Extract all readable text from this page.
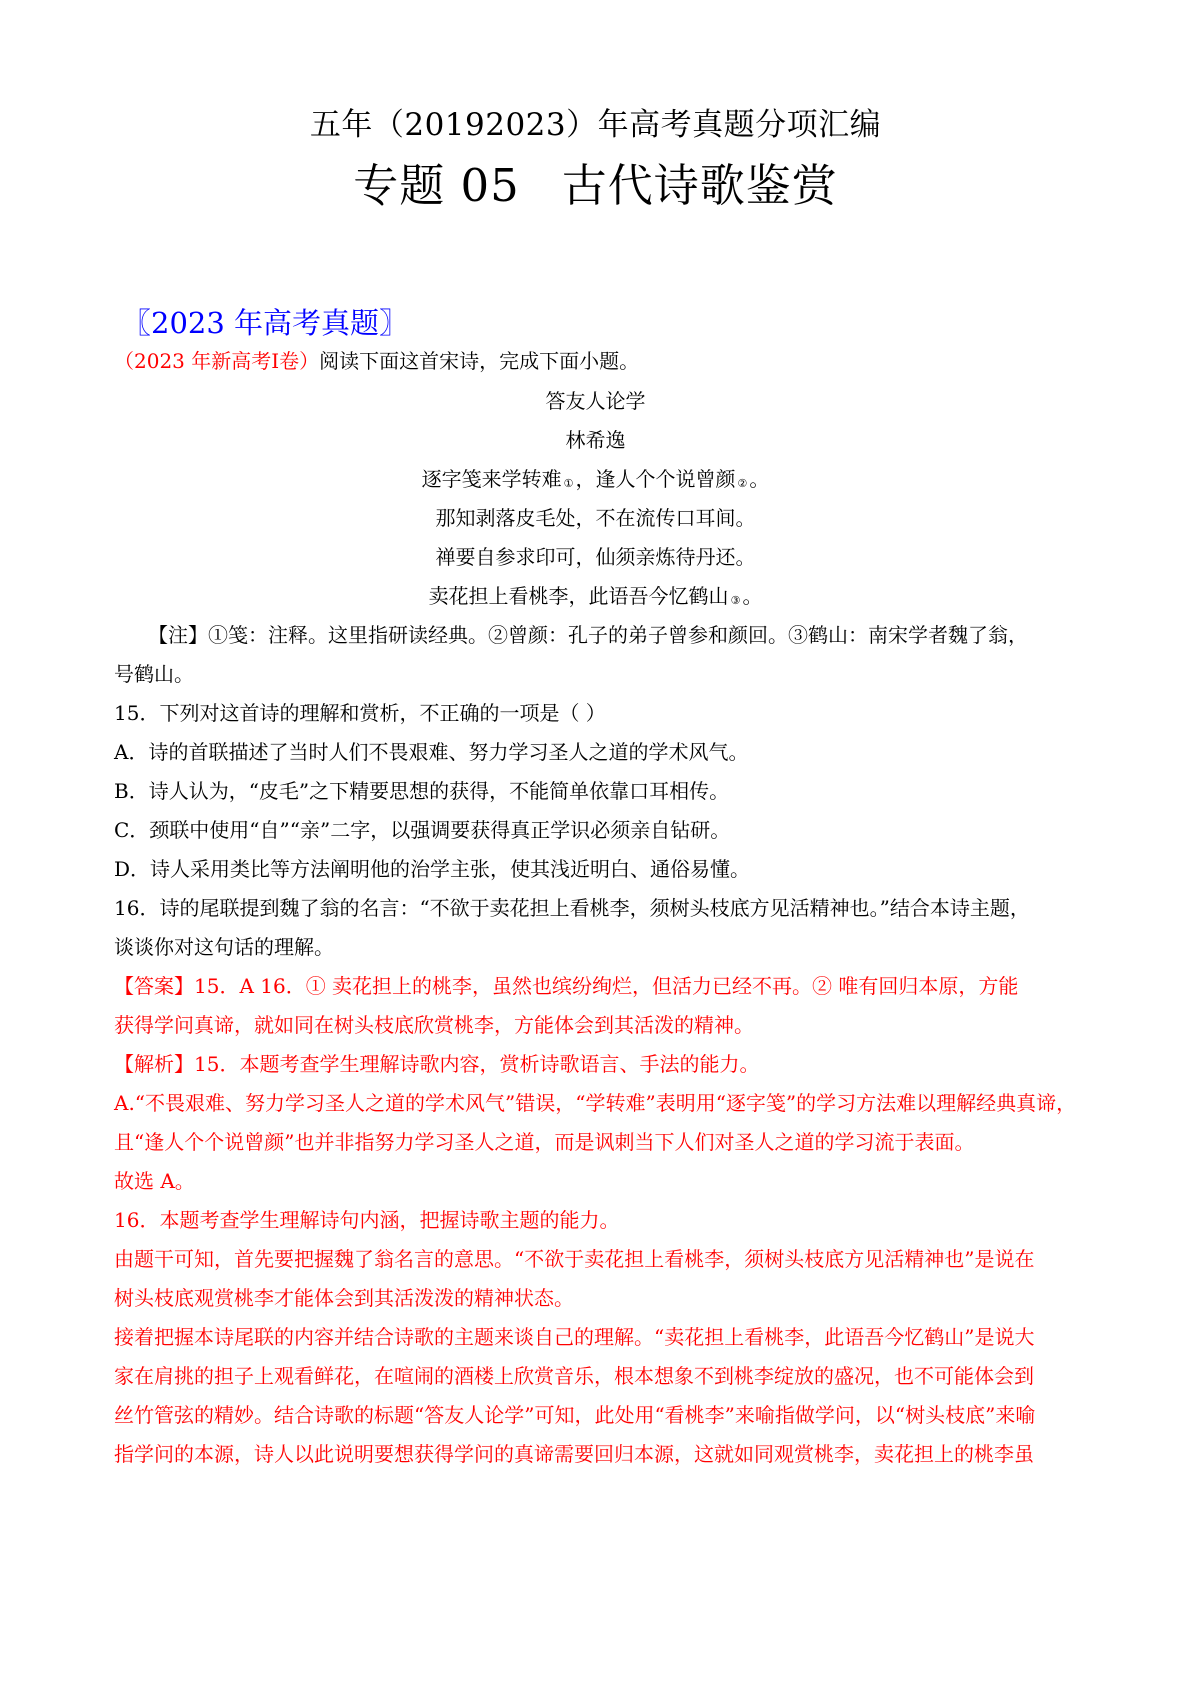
五年（20192023）年高考真题分项汇编
专题 05 古代诗歌鉴赏
〖2023 年高考真题〗
（2023 年新高考Ⅰ卷）阅读下面这首宋诗，完成下面小题。
答友人论学
林希逸
逐字笺来学转难 ① ，逢人个个说曾颜 ② 。
那知剥落皮毛处，不在流传口耳间。
禅要自参求印可，仙须亲炼待丹还。
卖花担上看桃李，此语吾今忆鹤山 ③ 。
【注】①笺：注释。这里指研读经典。②曾颜：孔子的弟子曾参和颜回。③鹤山：南宋学者魏了翁，
号鹤山。
15．下列对这首诗的理解和赏析，不正确的一项是（ ）
A．诗的首联描述了当时人们不畏艰难、努力学习圣人之道的学术风气。
B．诗人认为，“皮毛”之下精要思想的获得，不能简单依靠口耳相传。
C．颈联中使用“自”“亲”二字，以强调要获得真正学识必须亲自钻研。
D．诗人采用类比等方法阐明他的治学主张，使其浅近明白、通俗易懂。
16．诗的尾联提到魏了翁的名言：“不欲于卖花担上看桃李，须树头枝底方见活精神也。”结合本诗主题，
谈谈你对这句话的理解。
【答案】15．A 16．① 卖花担上的桃李，虽然也缤纷绚烂，但活力已经不再。② 唯有回归本原，方能
获得学问真谛，就如同在树头枝底欣赏桃李，方能体会到其活泼的精神。
【解析】15．本题考查学生理解诗歌内容，赏析诗歌语言、手法的能力。
A.“不畏艰难、努力学习圣人之道的学术风气”错误，“学转难”表明用“逐字笺”的学习方法难以理解经典真谛，
且“逢人个个说曾颜”也并非指努力学习圣人之道，而是讽刺当下人们对圣人之道的学习流于表面。
故选 A。
16．本题考查学生理解诗句内涵，把握诗歌主题的能力。
由题干可知，首先要把握魏了翁名言的意思。“不欲于卖花担上看桃李，须树头枝底方见活精神也”是说在
树头枝底观赏桃李才能体会到其活泼泼的精神状态。
接着把握本诗尾联的内容并结合诗歌的主题来谈自己的理解。“卖花担上看桃李，此语吾今忆鹤山”是说大
家在肩挑的担子上观看鲜花，在喧闹的酒楼上欣赏音乐，根本想象不到桃李绽放的盛况，也不可能体会到
丝竹管弦的精妙。结合诗歌的标题“答友人论学”可知，此处用“看桃李”来喻指做学问，以“树头枝底”来喻
指学问的本源，诗人以此说明要想获得学问的真谛需要回归本源，这就如同观赏桃李，卖花担上的桃李虽
